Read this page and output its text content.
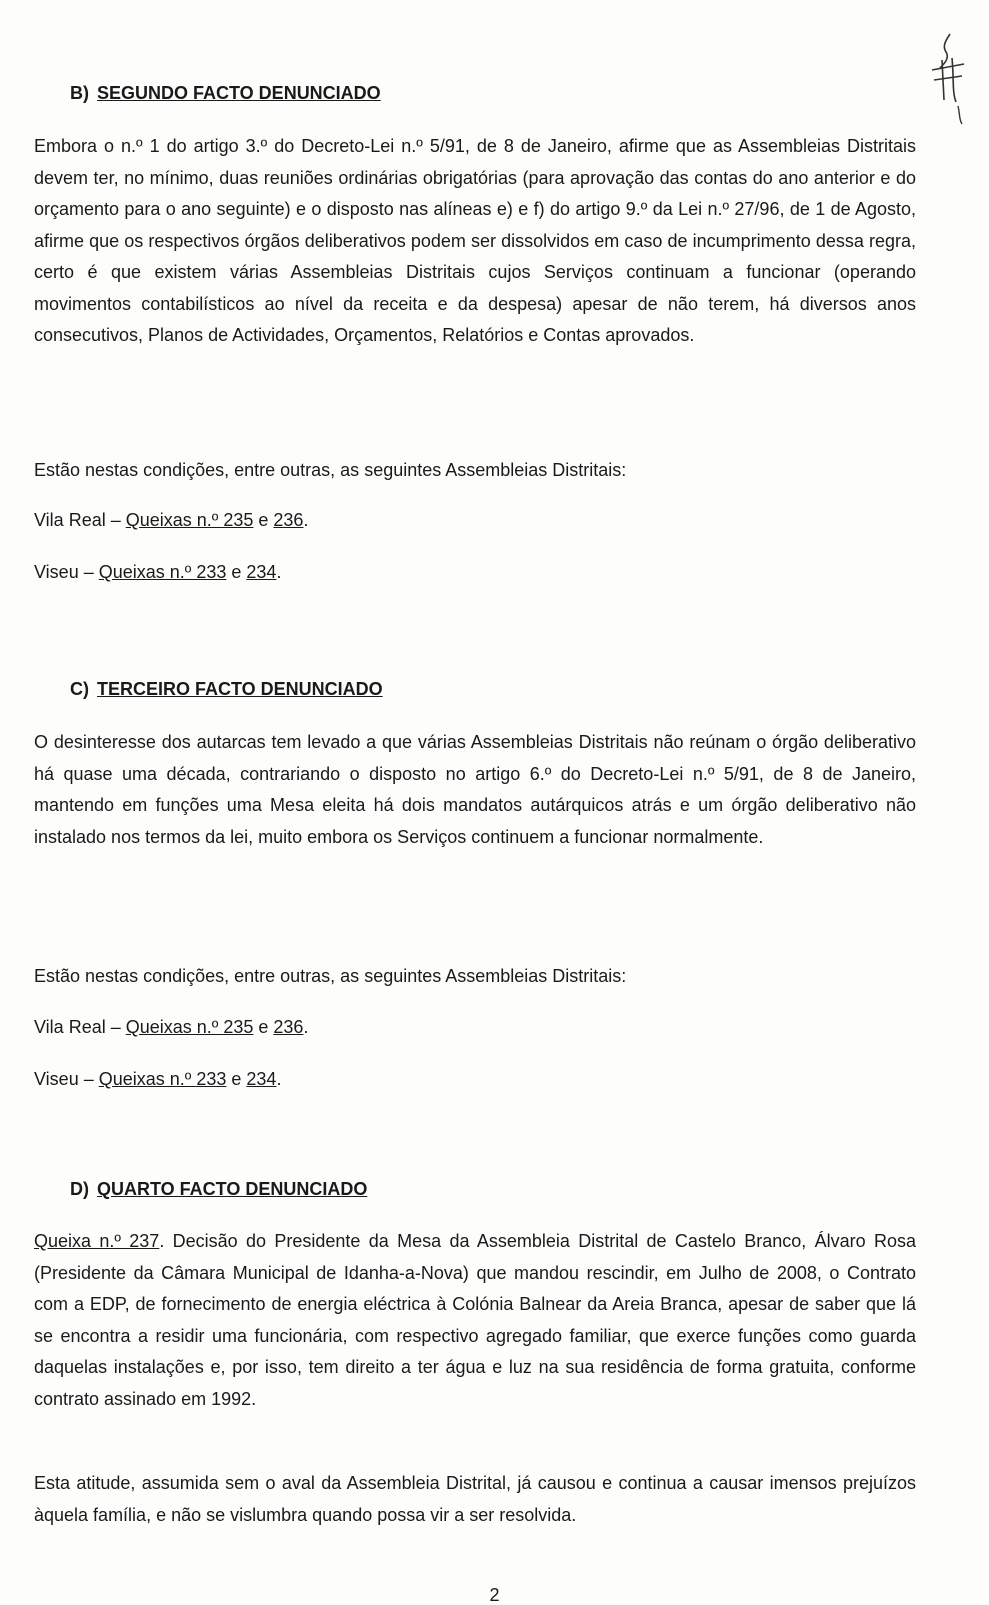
B) SEGUNDO FACTO DENUNCIADO

Embora o n.º 1 do artigo 3.º do Decreto-Lei n.º 5/91, de 8 de Janeiro, afirme que as Assembleias Distritais devem ter, no mínimo, duas reuniões ordinárias obrigatórias (para aprovação das contas do ano anterior e do orçamento para o ano seguinte) e o disposto nas alíneas e) e f) do artigo 9.º da Lei n.º 27/96, de 1 de Agosto, afirme que os respectivos órgãos deliberativos podem ser dissolvidos em caso de incumprimento dessa regra, certo é que existem várias Assembleias Distritais cujos Serviços continuam a funcionar (operando movimentos contabilísticos ao nível da receita e da despesa) apesar de não terem, há diversos anos consecutivos, Planos de Actividades, Orçamentos, Relatórios e Contas aprovados.

Estão nestas condições, entre outras, as seguintes Assembleias Distritais:

Vila Real – Queixas n.º 235 e 236.

Viseu – Queixas n.º 233 e 234.

C) TERCEIRO FACTO DENUNCIADO

O desinteresse dos autarcas tem levado a que várias Assembleias Distritais não reúnam o órgão deliberativo há quase uma década, contrariando o disposto no artigo 6.º do Decreto-Lei n.º 5/91, de 8 de Janeiro, mantendo em funções uma Mesa eleita há dois mandatos autárquicos atrás e um órgão deliberativo não instalado nos termos da lei, muito embora os Serviços continuem a funcionar normalmente.

Estão nestas condições, entre outras, as seguintes Assembleias Distritais:

Vila Real – Queixas n.º 235 e 236.

Viseu – Queixas n.º 233 e 234.

D) QUARTO FACTO DENUNCIADO

Queixa n.º 237. Decisão do Presidente da Mesa da Assembleia Distrital de Castelo Branco, Álvaro Rosa (Presidente da Câmara Municipal de Idanha-a-Nova) que mandou rescindir, em Julho de 2008, o Contrato com a EDP, de fornecimento de energia eléctrica à Colónia Balnear da Areia Branca, apesar de saber que lá se encontra a residir uma funcionária, com respectivo agregado familiar, que exerce funções como guarda daquelas instalações e, por isso, tem direito a ter água e luz na sua residência de forma gratuita, conforme contrato assinado em 1992.

Esta atitude, assumida sem o aval da Assembleia Distrital, já causou e continua a causar imensos prejuízos àquela família, e não se vislumbra quando possa vir a ser resolvida.

2
